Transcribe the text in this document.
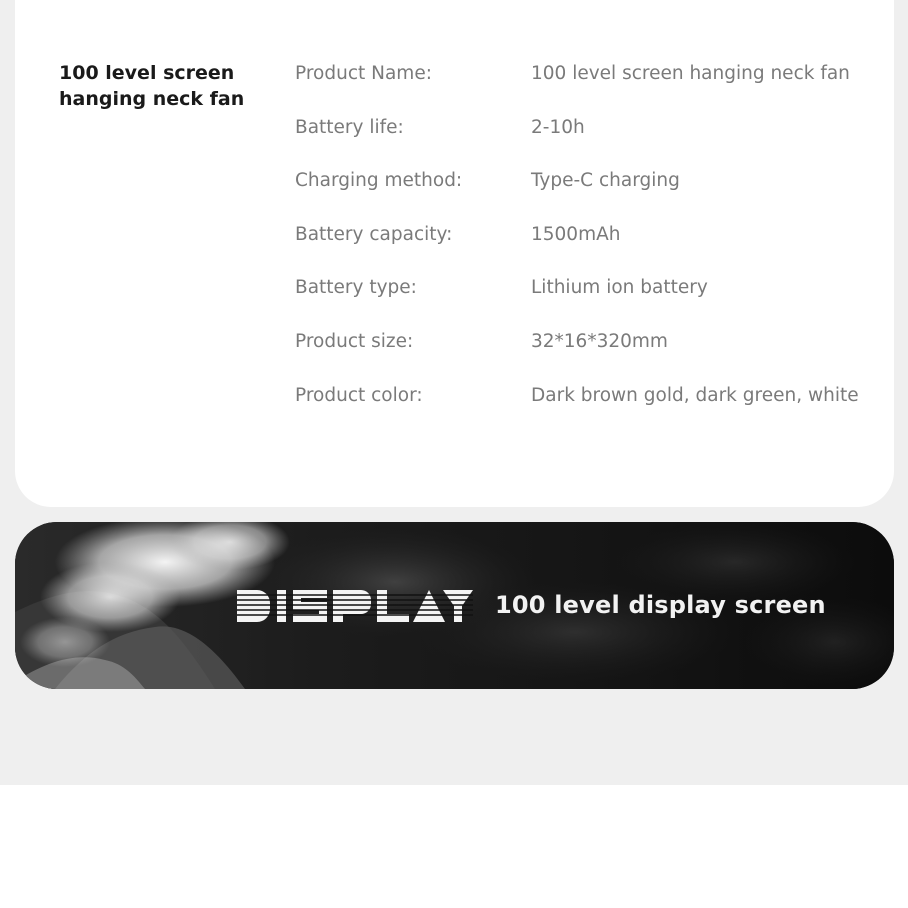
100 level screen
hanging neck fan
Product Name:	100 level screen hanging neck fan
Battery life:	2-10h
Charging method:	Type-C charging
Battery capacity:	1500mAh
Battery type:	Lithium ion battery
Product size:	32*16*320mm
Product color:	Dark brown gold, dark green, white
100 level display screen
